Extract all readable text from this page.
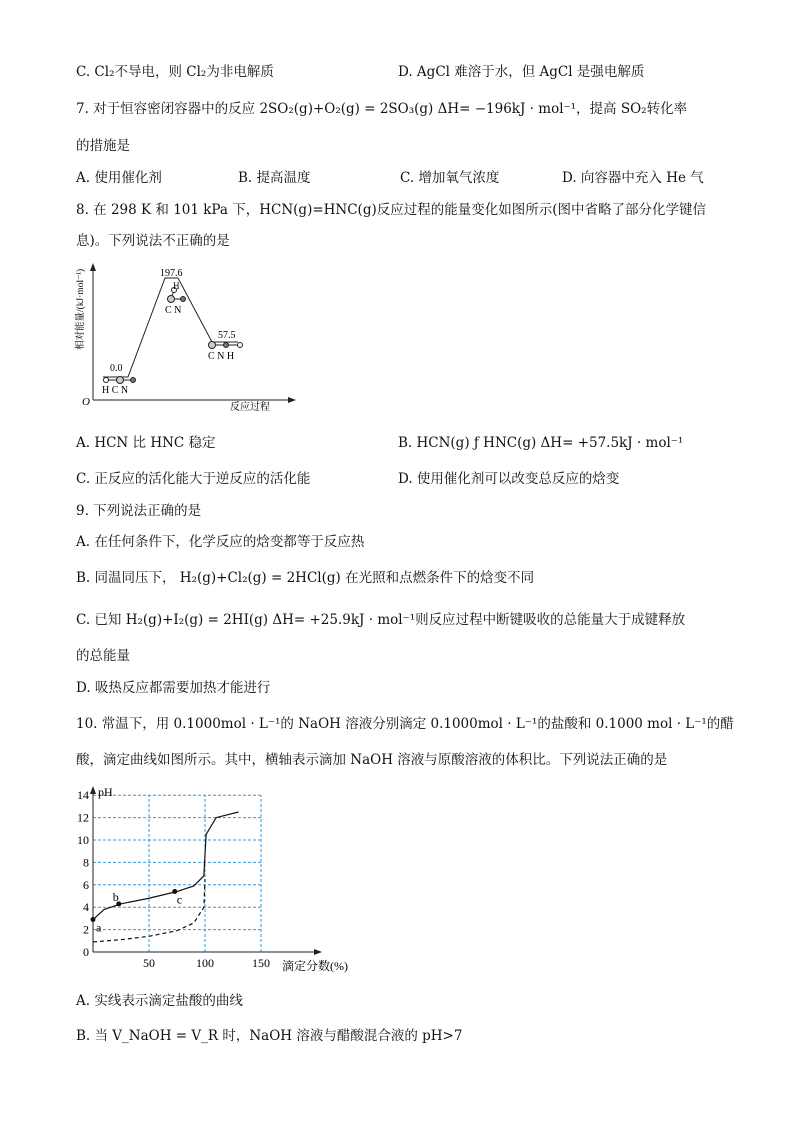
C. Cl₂不导电，则 Cl₂为非电解质	D. AgCl 难溶于水，但 AgCl 是强电解质
7. 对于恒容密闭容器中的反应 2SO₂(g)+O₂(g) = 2SO₃(g) ΔH= −196kJ · mol⁻¹，提高 SO₂转化率
的措施是
A. 使用催化剂	B. 提高温度	C. 增加氧气浓度	D. 向容器中充入 He 气
8. 在 298 K 和 101 kPa 下，HCN(g)=HNC(g)反应过程的能量变化如图所示(图中省略了部分化学键信
息)。下列说法不正确的是
O
相对能量/(kJ·mol⁻¹)
反应过程
0.0
197.6
57.5
H C N
H
C N
C N H
A. HCN 比 HNC 稳定	B. HCN(g) ƒ HNC(g) ΔH= +57.5kJ · mol⁻¹
C. 正反应的活化能大于逆反应的活化能	D. 使用催化剂可以改变总反应的焓变
9. 下列说法正确的是
A. 在任何条件下，化学反应的焓变都等于反应热
B. 同温同压下， H₂(g)+Cl₂(g) = 2HCl(g) 在光照和点燃条件下的焓变不同
C. 已知 H₂(g)+I₂(g) = 2HI(g) ΔH= +25.9kJ · mol⁻¹则反应过程中断键吸收的总能量大于成键释放
的总能量
D. 吸热反应都需要加热才能进行
10. 常温下，用 0.1000mol · L⁻¹的 NaOH 溶液分别滴定 0.1000mol · L⁻¹的盐酸和 0.1000 mol · L⁻¹的醋
酸，滴定曲线如图所示。其中，横轴表示滴加 NaOH 溶液与原酸溶液的体积比。下列说法正确的是
pH
滴定分数(%)
0
2
4
6
8
10
12
14
50	100	150
a
b	c
A. 实线表示滴定盐酸的曲线
B. 当 V_NaOH = V_R 时，NaOH 溶液与醋酸混合液的 pH>7
